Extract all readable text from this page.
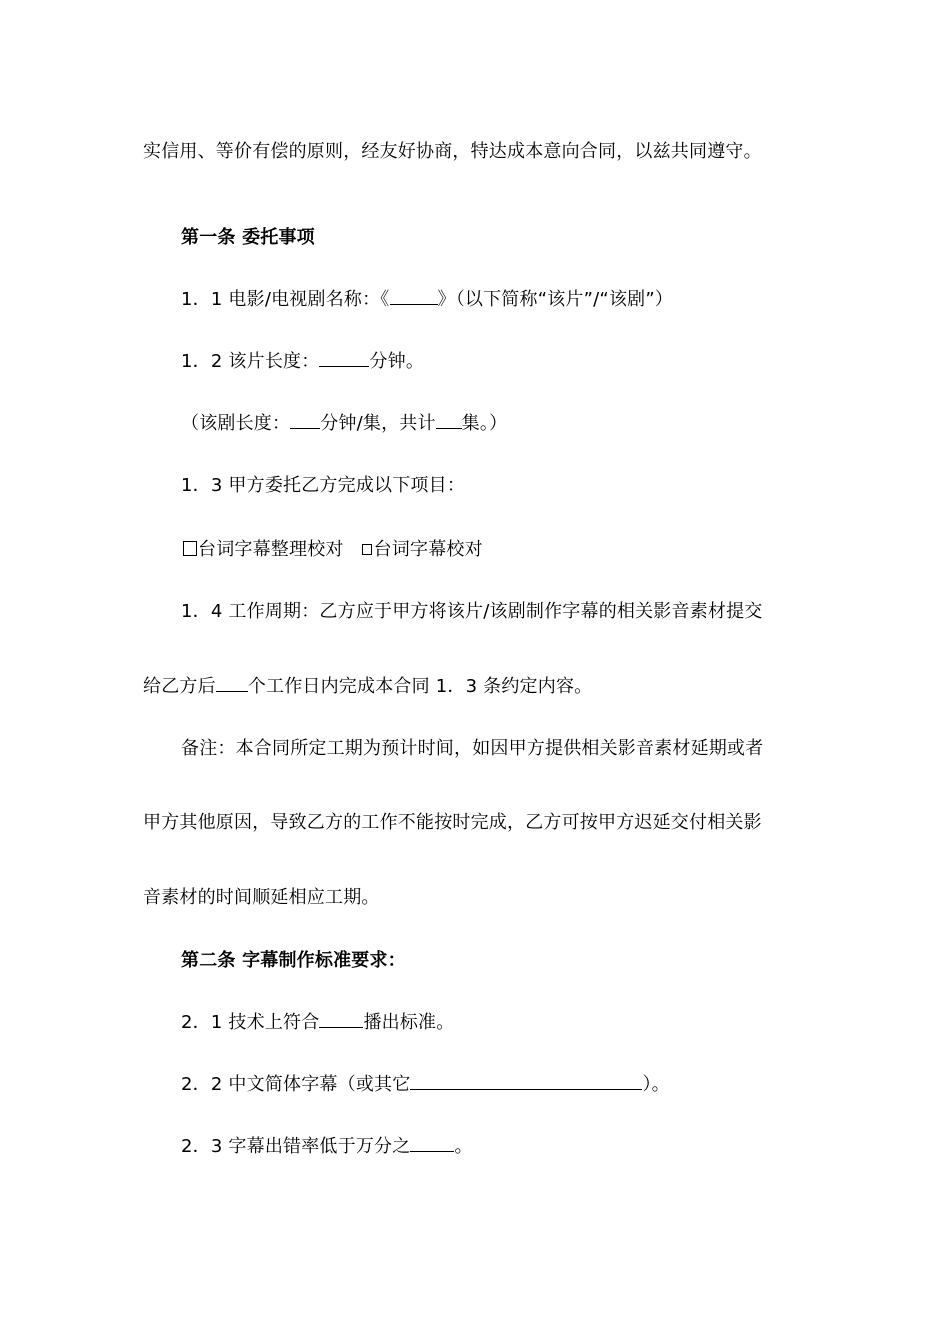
实信用、等价有偿的原则，经友好协商，特达成本意向合同，以兹共同遵守。
第一条 委托事项
1．1 电影/电视剧名称：《	》（以下简称“该片”/“该剧”）
1．2 该片长度：	分钟。
（该剧长度： 分钟/集，共计 集。）
1．3 甲方委托乙方完成以下项目：
台词字幕整理校对 台词字幕校对
1．4 工作周期：乙方应于甲方将该片/该剧制作字幕的相关影音素材提交
给乙方后 个工作日内完成本合同 1．3 条约定内容。
备注：本合同所定工期为预计时间，如因甲方提供相关影音素材延期或者
甲方其他原因，导致乙方的工作不能按时完成，乙方可按甲方迟延交付相关影
音素材的时间顺延相应工期。
第二条 字幕制作标准要求：
2．1 技术上符合 播出标准。
2．2 中文简体字幕（或其它	）。
2．3 字幕出错率低于万分之 。
